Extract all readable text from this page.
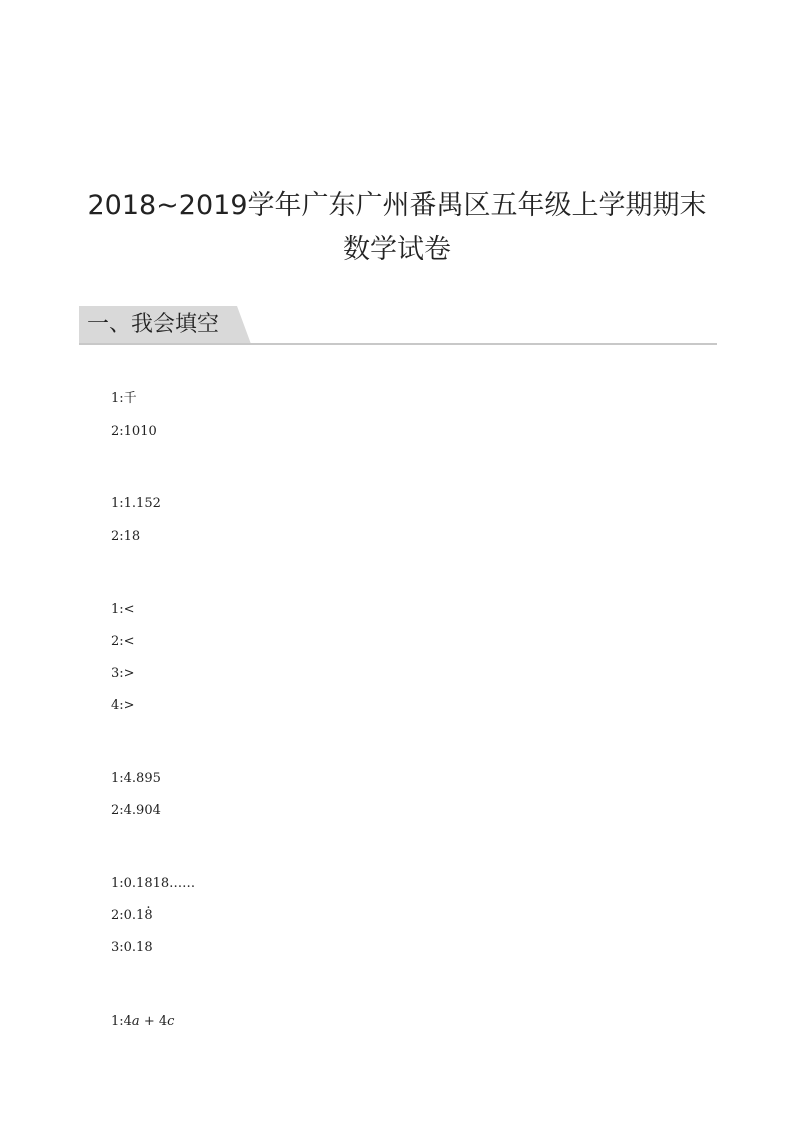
2018~2019学年广东广州番禺区五年级上学期期末
数学试卷
一、我会填空
1:千
2:1010
1:1.152
2:18
1:<
2:<
3:>
4:>
1:4.895
2:4.904
1:0.1818……
2:0.1. 8
3:0.18
1:4a + 4c
